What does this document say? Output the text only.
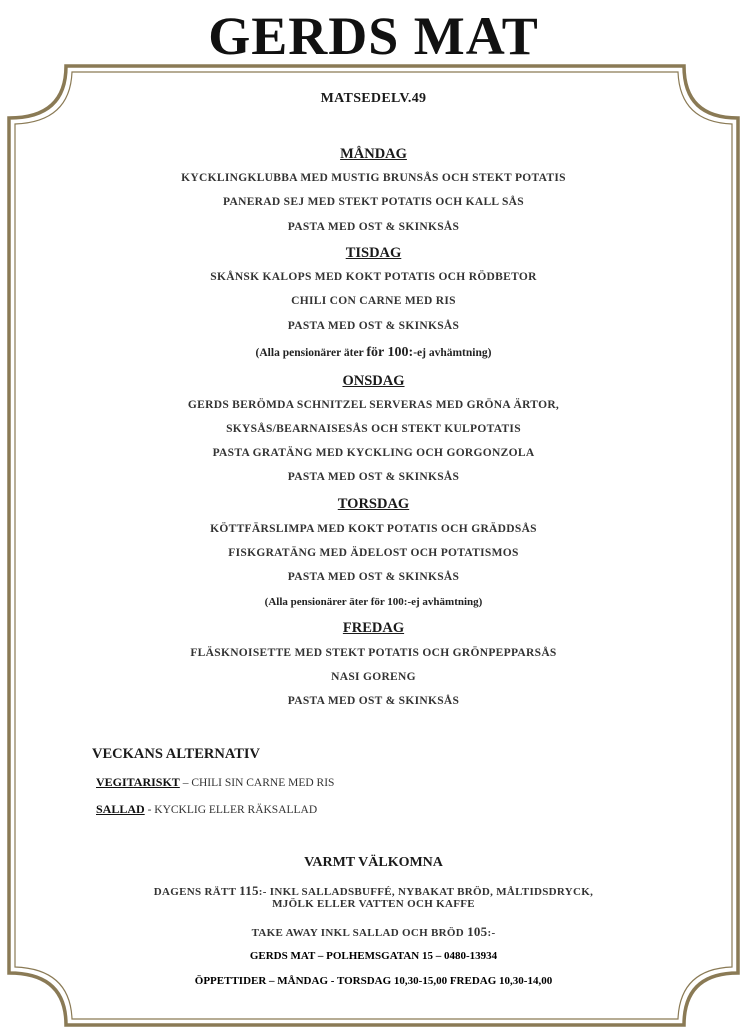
GERDS MAT
MATSEDELV.49
MÅNDAG
KYCKLINGKLUBBA MED MUSTIG BRUNSÅS OCH STEKT POTATIS
PANERAD SEJ MED STEKT POTATIS OCH KALL SÅS
PASTA MED OST & SKINKSÅS
TISDAG
SKÅNSK KALOPS MED KOKT POTATIS OCH RÖDBETOR
CHILI CON CARNE MED RIS
PASTA MED OST & SKINKSÅS
(Alla pensionärer äter för 100:-ej avhämtning)
ONSDAG
GERDS BERÖMDA SCHNITZEL SERVERAS MED GRÖNA ÄRTOR,
SKYSÅS/BEARNAISESÅS OCH STEKT KULPOTATIS
PASTA GRATÄNG MED KYCKLING OCH GORGONZOLA
PASTA MED OST & SKINKSÅS
TORSDAG
KÖTTFÄRSLIMPA MED KOKT POTATIS OCH GRÄDDSÅS
FISKGRATÄNG MED ÄDELOST OCH POTATISMOS
PASTA MED OST & SKINKSÅS
(Alla pensionärer äter för 100:-ej avhämtning)
FREDAG
FLÄSKNOISETTE MED STEKT POTATIS OCH GRÖNPEPPARSÅS
NASI GORENG
PASTA MED OST & SKINKSÅS
VECKANS ALTERNATIV
VEGITARISKT – CHILI SIN CARNE MED RIS
SALLAD - KYCKLIG ELLER RÄKSALLAD
VARMT VÄLKOMNA
DAGENS RÄTT 115:- INKL SALLADSBUFFÉ, NYBAKAT BRÖD, MÅLTIDSDRYCK,
MJÖLK ELLER VATTEN OCH KAFFE
TAKE AWAY INKL SALLAD OCH BRÖD 105:-
GERDS MAT – POLHEMSGATAN 15 – 0480-13934
ÖPPETTIDER – MÅNDAG - TORSDAG 10,30-15,00 FREDAG 10,30-14,00
